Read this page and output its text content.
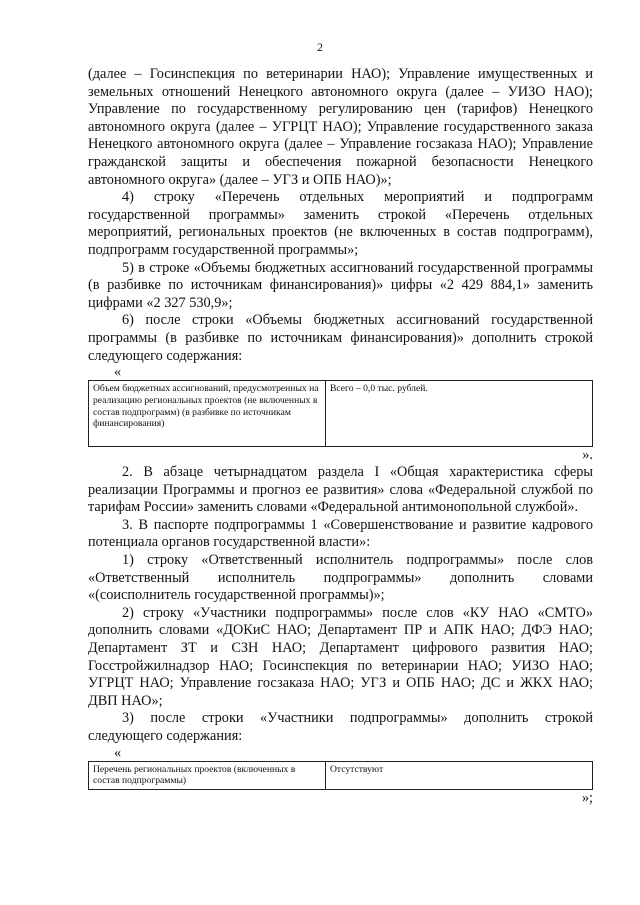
2

(далее – Госинспекция по ветеринарии НАО); Управление имущественных и земельных отношений Ненецкого автономного округа (далее – УИЗО НАО); Управление по государственному регулированию цен (тарифов) Ненецкого автономного округа (далее – УГРЦТ НАО); Управление государственного заказа Ненецкого автономного округа (далее – Управление госзаказа НАО); Управление гражданской защиты и обеспечения пожарной безопасности Ненецкого автономного округа» (далее – УГЗ и ОПБ НАО)»;

4) строку «Перечень отдельных мероприятий и подпрограмм государственной программы» заменить строкой «Перечень отдельных мероприятий, региональных проектов (не включенных в состав подпрограмм), подпрограмм государственной программы»;

5) в строке «Объемы бюджетных ассигнований государственной программы (в разбивке по источникам финансирования)» цифры «2 429 884,1» заменить цифрами «2 327 530,9»;

6) после строки «Объемы бюджетных ассигнований государственной программы (в разбивке по источникам финансирования)» дополнить строкой следующего содержания:

«
Объем бюджетных ассигнований, предусмотренных на реализацию региональных проектов (не включенных в состав подпрограмм) (в разбивке по источникам финансирования)	Всего – 0,0 тыс. рублей.
».

2. В абзаце четырнадцатом раздела I «Общая характеристика сферы реализации Программы и прогноз ее развития» слова «Федеральной службой по тарифам России» заменить словами «Федеральной антимонопольной службой».

3. В паспорте подпрограммы 1 «Совершенствование и развитие кадрового потенциала органов государственной власти»:

1) строку «Ответственный исполнитель подпрограммы» после слов «Ответственный исполнитель подпрограммы» дополнить словами «(соисполнитель государственной программы)»;

2) строку «Участники подпрограммы» после слов «КУ НАО «СМТО» дополнить словами «ДОКиС НАО; Департамент ПР и АПК НАО; ДФЭ НАО; Департамент ЗТ и СЗН НАО; Департамент цифрового развития НАО; Госстройжилнадзор НАО; Госинспекция по ветеринарии НАО; УИЗО НАО; УГРЦТ НАО; Управление госзаказа НАО; УГЗ и ОПБ НАО; ДС и ЖКХ НАО; ДВП НАО»;

3) после строки «Участники подпрограммы» дополнить строкой следующего содержания:

«
Перечень региональных проектов (включенных в состав подпрограммы)	Отсутствуют
»;
